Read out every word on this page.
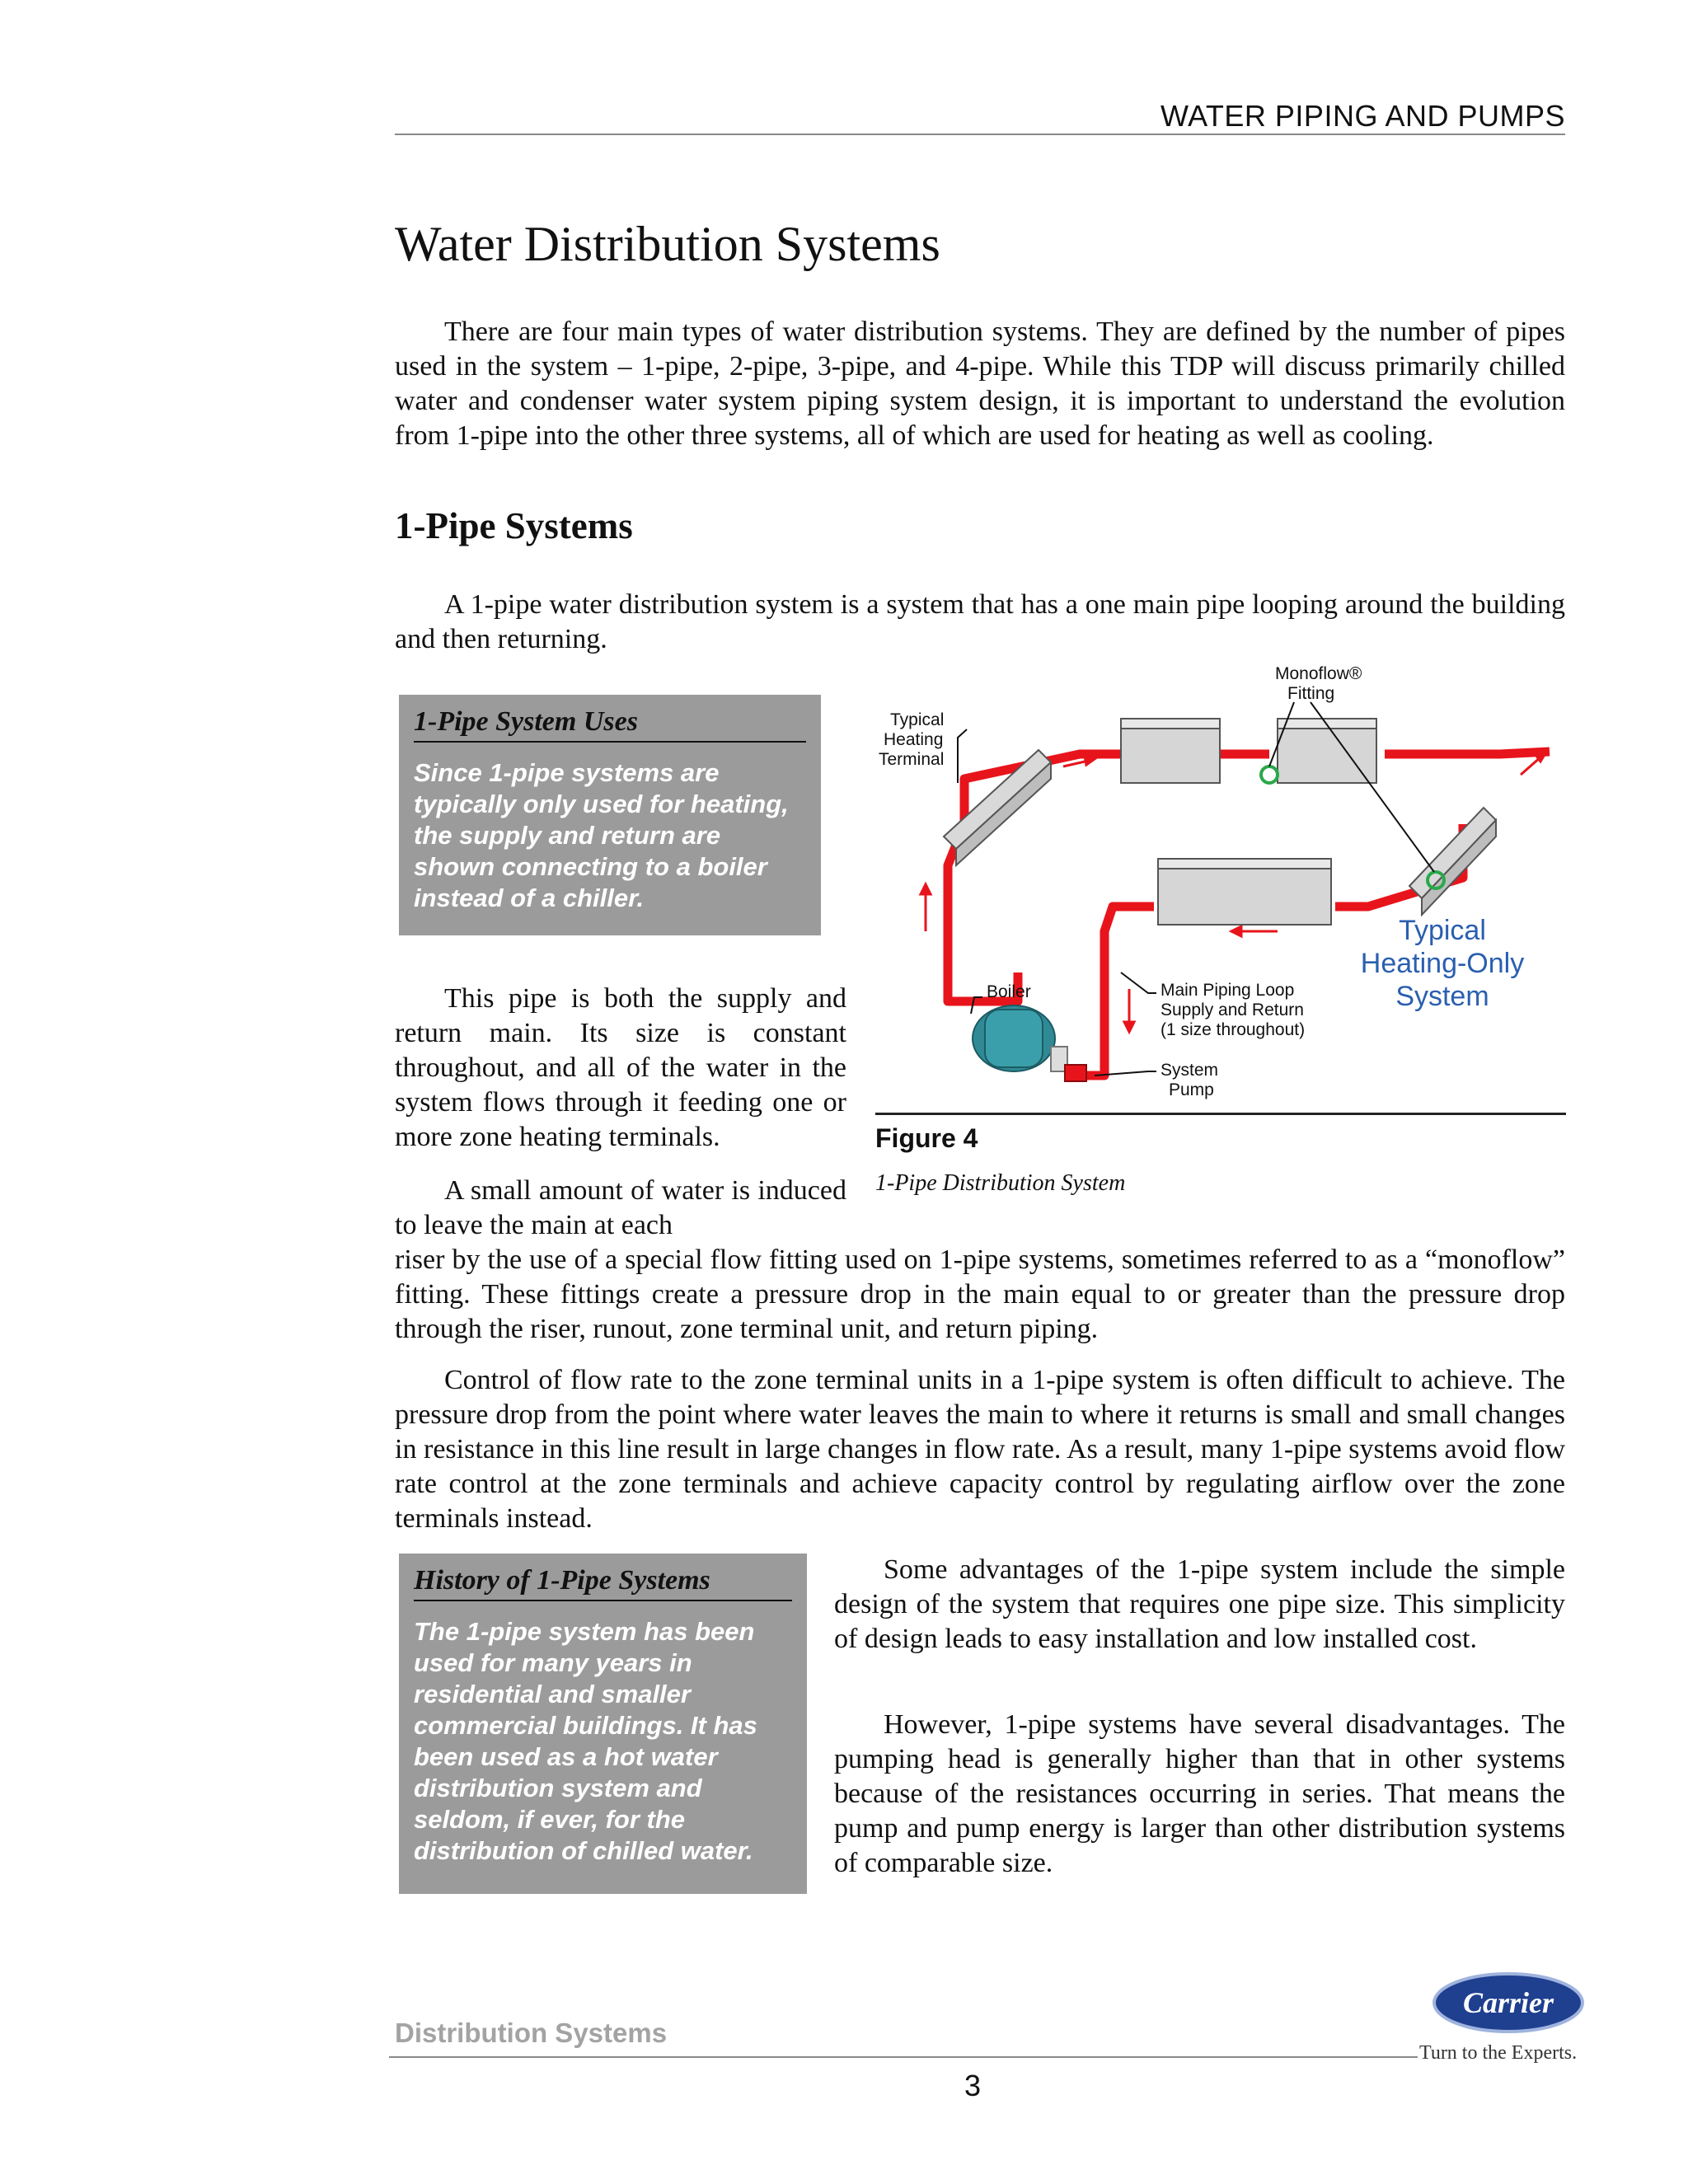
WATER PIPING AND PUMPS
Water Distribution Systems

There are four main types of water distribution systems. They are defined by the number of pipes used in the system – 1-pipe, 2-pipe, 3-pipe, and 4-pipe. While this TDP will discuss primarily chilled water and condenser water system piping system design, it is important to understand the evolution from 1-pipe into the other three systems, all of which are used for heating as well as cooling.

1-Pipe Systems

A 1-pipe water distribution system is a system that has a one main pipe looping around the building and then returning.

1-Pipe System Uses
Since 1-pipe systems are typically only used for heating, the supply and return are shown connecting to a boiler instead of a chiller.
Monoflow®
Fitting
Typical
Heating
Terminal
Boiler	Main Piping Loop
Supply and Return
(1 size throughout)
System
Pump
Typical
Heating-Only
System

This pipe is both the supply and return main. Its size is constant throughout, and all of the water in the system flows through it feeding one or more zone heating terminals.	Figure 4
1-Pipe Distribution System

A small amount of water is induced to leave the main at each

riser by the use of a special flow fitting used on 1-pipe systems, sometimes referred to as a “monoflow” fitting. These fittings create a pressure drop in the main equal to or greater than the pressure drop through the riser, runout, zone terminal unit, and return piping.

Control of flow rate to the zone terminal units in a 1-pipe system is often difficult to achieve. The pressure drop from the point where water leaves the main to where it returns is small and small changes in resistance in this line result in large changes in flow rate. As a result, many 1-pipe systems avoid flow rate control at the zone terminals and achieve capacity control by regulating airflow over the zone terminals instead.

History of 1-Pipe Systems
The 1-pipe system has been used for many years in residential and smaller commercial buildings. It has been used as a hot water distribution system and seldom, if ever, for the distribution of chilled water.

Some advantages of the 1-pipe system include the simple design of the system that requires one pipe size. This simplicity of design leads to easy installation and low installed cost.

However, 1-pipe systems have several disadvantages. The pumping head is generally higher than that in other systems because of the resistances occurring in series. That means the pump and pump energy is larger than other distribution systems of comparable size.

Distribution Systems
3
Carrier
Turn to the Experts.
